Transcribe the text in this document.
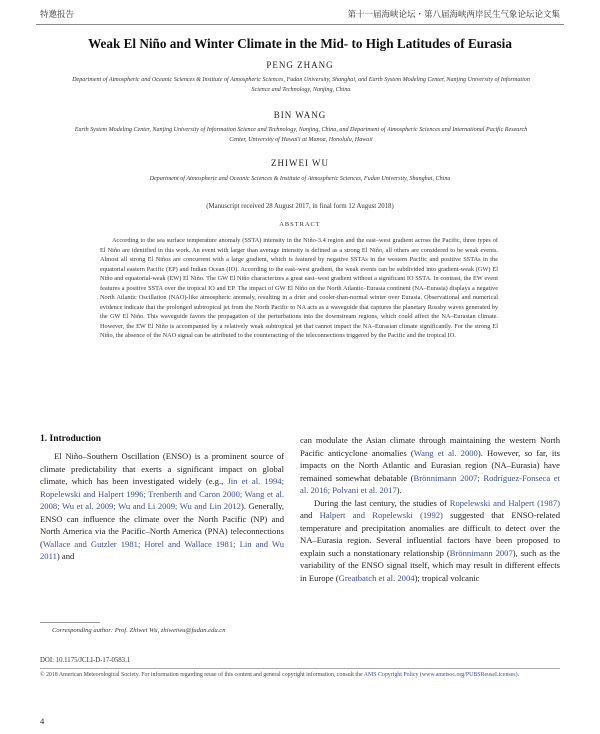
特邀报告	第十一届海峡论坛・第八届海峡两岸民生气象论坛论文集
Weak El Niño and Winter Climate in the Mid- to High Latitudes of Eurasia
PENG ZHANG
Department of Atmospheric and Oceanic Sciences & Institute of Atmospheric Sciences, Fudan University, Shanghai, and Earth System Modeling Center, Nanjing University of Information Science and Technology, Nanjing, China
BIN WANG
Earth System Modeling Center, Nanjing University of Information Science and Technology, Nanjing, China, and Department of Atmospheric Sciences and International Pacific Research Center, University of Hawai'i at Manoa, Honolulu, Hawaii
ZHIWEI WU
Department of Atmospheric and Oceanic Sciences & Institute of Atmospheric Sciences, Fudan University, Shanghai, China
(Manuscript received 28 August 2017, in final form 12 August 2018)
ABSTRACT
According to the sea surface temperature anomaly (SSTA) intensity in the Niño-3.4 region and the east–west gradient across the Pacific, three types of El Niño are identified in this work. An event with larger than average intensity is defined as a strong El Niño, all others are considered to be weak events. Almost all strong El Niños are concurrent with a large gradient, which is featured by negative SSTAs in the western Pacific and positive SSTAs in the equatorial eastern Pacific (EP) and Indian Ocean (IO). According to the east–west gradient, the weak events can be subdivided into gradient-weak (GW) El Niño and equatorial-weak (EW) El Niño. The GW El Niño characterizes a great east–west gradient without a significant IO SSTA. In contrast, the EW event features a positive SSTA over the tropical IO and EP. The impact of GW El Niño on the North Atlantic–Eurasia continent (NA–Eurasia) displays a negative North Atlantic Oscillation (NAO)-like atmospheric anomaly, resulting in a drier and cooler-than-normal winter over Eurasia. Observational and numerical evidence indicate that the prolonged subtropical jet from the North Pacific to NA acts as a waveguide that captures the planetary Rossby waves generated by the GW El Niño. This waveguide favors the propagation of the perturbations into the downstream regions, which could affect the NA–Eurasian climate. However, the EW El Niño is accompanied by a relatively weak subtropical jet that cannot impact the NA–Eurasian climate significantly. For the strong El Niño, the absence of the NAO signal can be attributed to the counteracting of the teleconnections triggered by the Pacific and the tropical IO.
1. Introduction
El Niño–Southern Oscillation (ENSO) is a prominent source of climate predictability that exerts a significant impact on global climate, which has been investigated widely (e.g., Jin et al. 1994; Ropelewski and Halpert 1996; Trenberth and Caron 2000; Wang et al. 2008; Wu et al. 2009; Wu and Li 2009; Wu and Lin 2012). Generally, ENSO can influence the climate over the North Pacific (NP) and North America via the Pacific–North America (PNA) teleconnections (Wallace and Gutzler 1981; Horel and Wallace 1981; Lin and Wu 2011) and
Corresponding author: Prof. Zhiwei Wu, zhiweiwu@fudan.edu.cn
can modulate the Asian climate through maintaining the western North Pacific anticyclone anomalies (Wang et al. 2000). However, so far, its impacts on the North Atlantic and Eurasian region (NA–Eurasia) have remained somewhat debatable (Brönnimann 2007; Rodríguez-Fonseca et al. 2016; Polvani et al. 2017).
During the last century, the studies of Ropelewski and Halpert (1987) and Halpert and Ropelewski (1992) suggested that ENSO-related temperature and precipitation anomalies are difficult to detect over the NA–Eurasia region. Several influential factors have been proposed to explain such a nonstationary relationship (Brönnimann 2007), such as the variability of the ENSO signal itself, which may result in different effects in Europe (Greatbatch et al. 2004); tropical volcanic
DOI: 10.1175/JCLI-D-17-0583.1
© 2018 American Meteorological Society. For information regarding reuse of this content and general copyright information, consult the AMS Copyright Policy (www.ametsoc.org/PUBSReuseLicenses).
4
